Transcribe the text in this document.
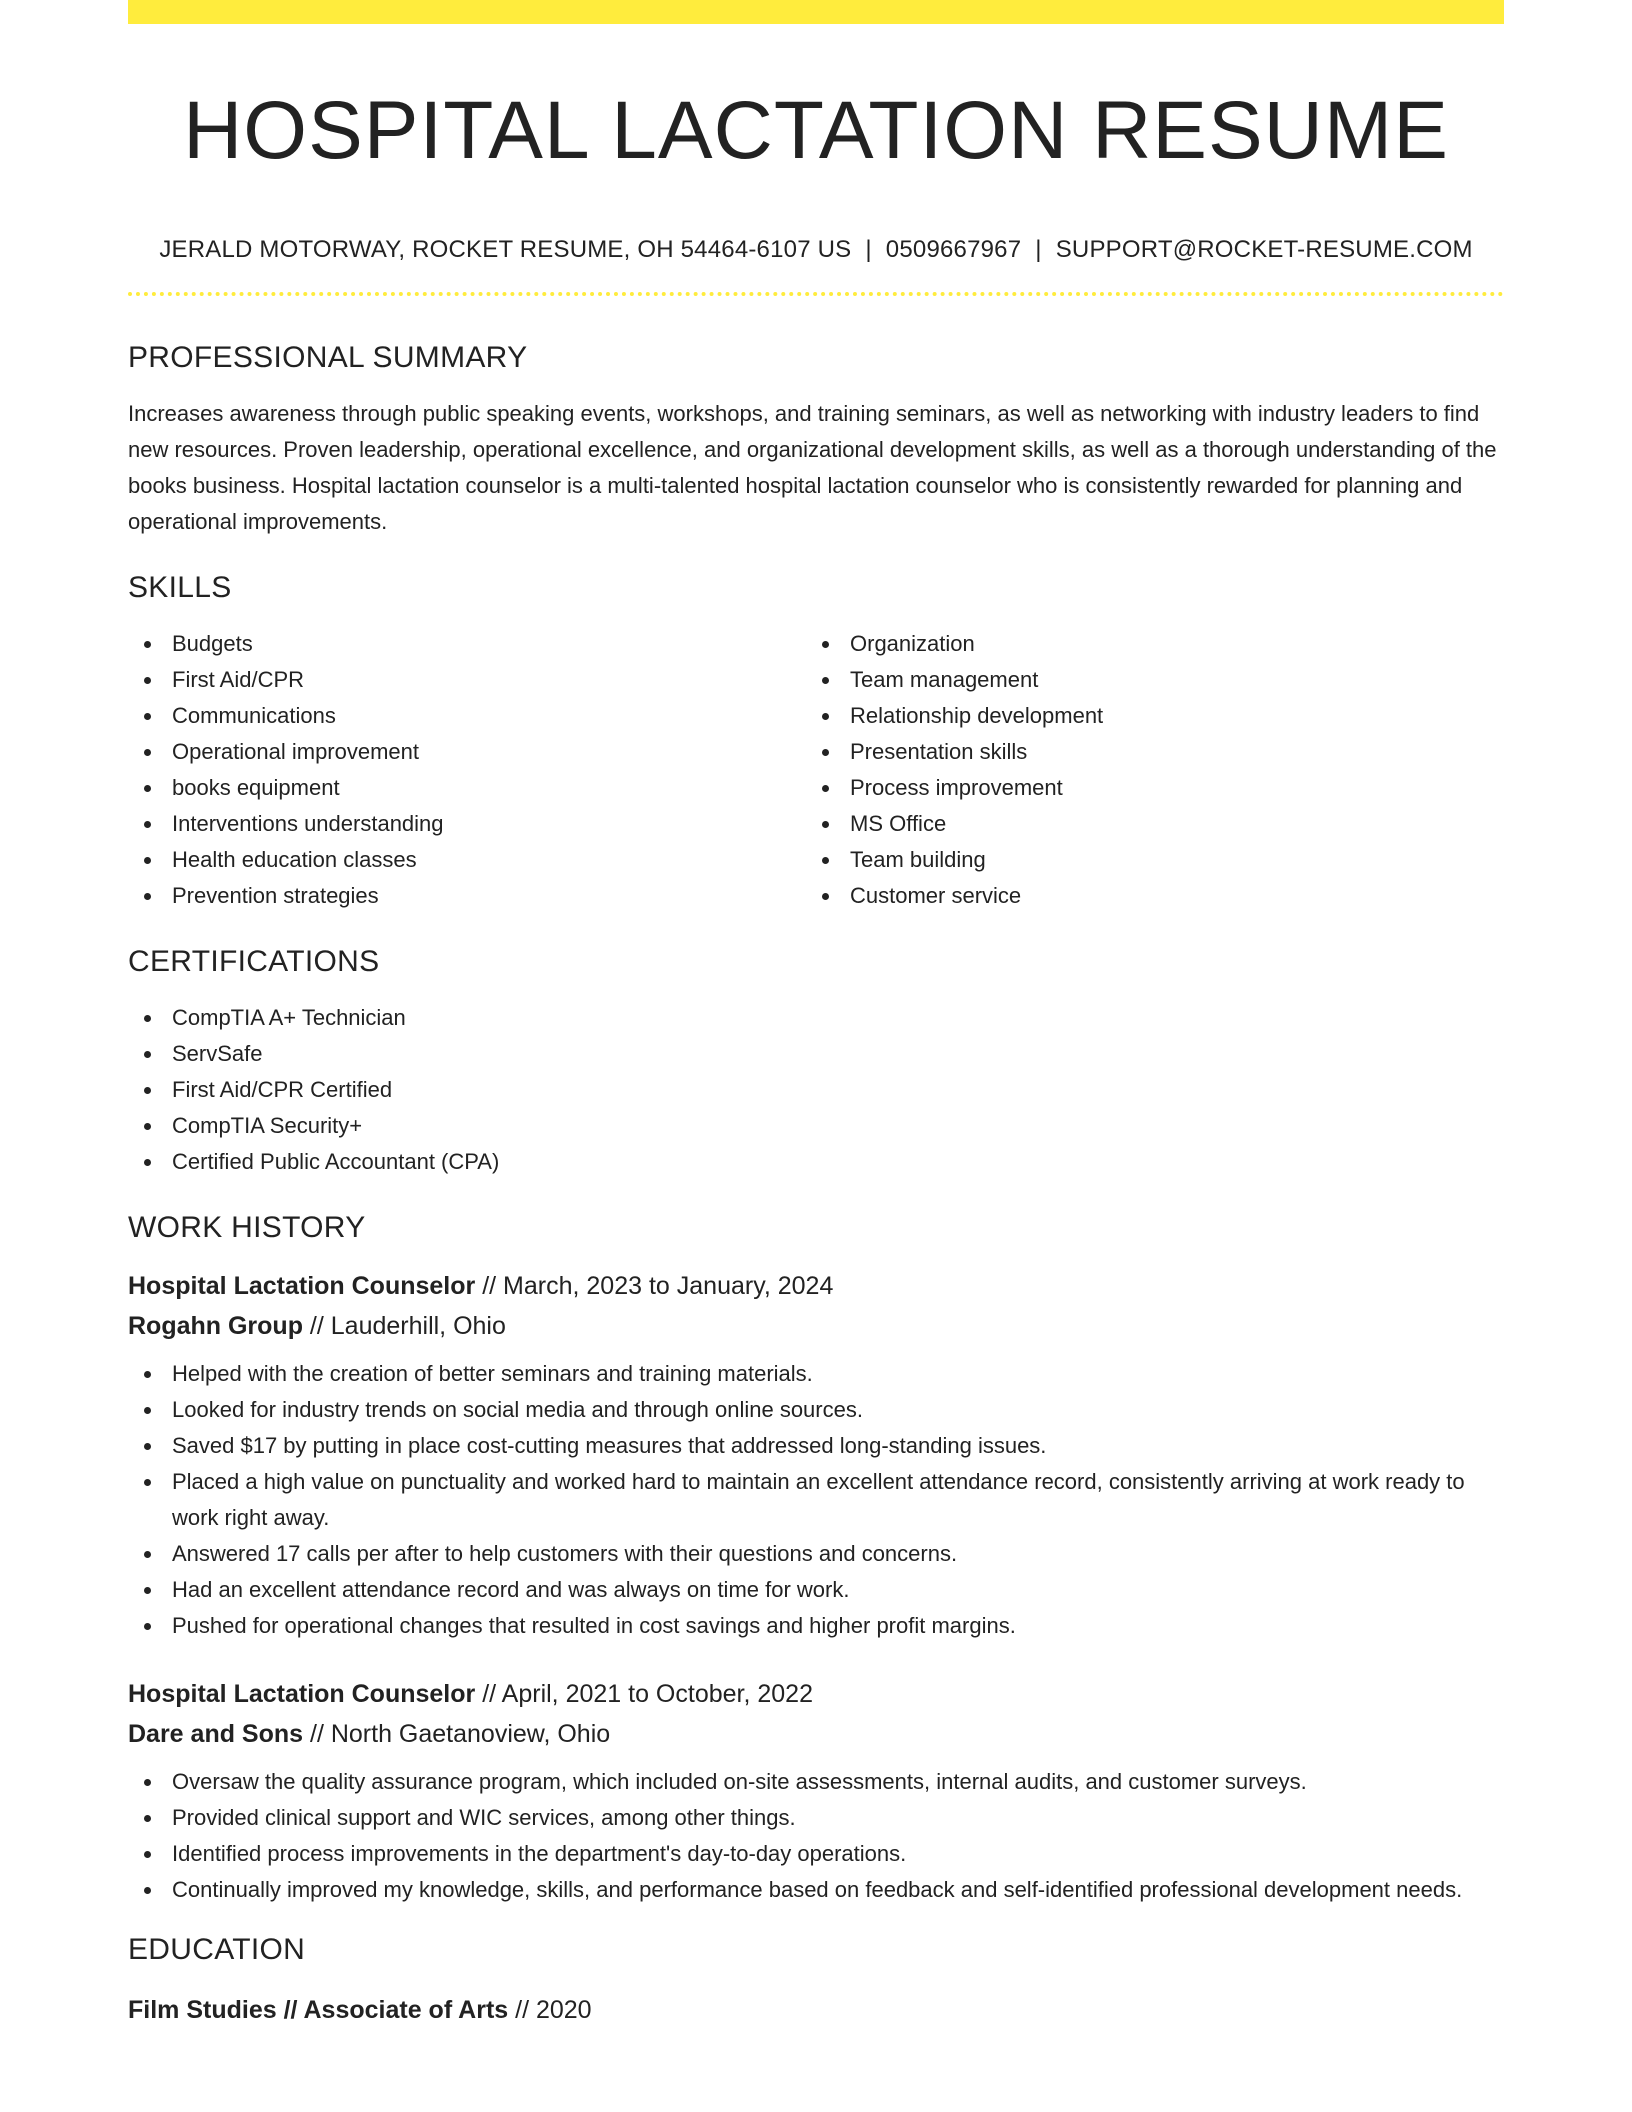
HOSPITAL LACTATION RESUME
JERALD MOTORWAY, ROCKET RESUME, OH 54464-6107 US | 0509667967 | SUPPORT@ROCKET-RESUME.COM
PROFESSIONAL SUMMARY

Increases awareness through public speaking events, workshops, and training seminars, as well as networking with industry leaders to find new resources. Proven leadership, operational excellence, and organizational development skills, as well as a thorough understanding of the books business. Hospital lactation counselor is a multi-talented hospital lactation counselor who is consistently rewarded for planning and operational improvements.

SKILLS
Budgets
First Aid/CPR
Communications
Operational improvement
books equipment
Interventions understanding
Health education classes
Prevention strategies
Organization
Team management
Relationship development
Presentation skills
Process improvement
MS Office
Team building
Customer service
CERTIFICATIONS
CompTIA A+ Technician
ServSafe
First Aid/CPR Certified
CompTIA Security+
Certified Public Accountant (CPA)
WORK HISTORY
Hospital Lactation Counselor // March, 2023 to January, 2024
Rogahn Group // Lauderhill, Ohio
Helped with the creation of better seminars and training materials.
Looked for industry trends on social media and through online sources.
Saved $17 by putting in place cost-cutting measures that addressed long-standing issues.
Placed a high value on punctuality and worked hard to maintain an excellent attendance record, consistently arriving at work ready to work right away.
Answered 17 calls per after to help customers with their questions and concerns.
Had an excellent attendance record and was always on time for work.
Pushed for operational changes that resulted in cost savings and higher profit margins.
Hospital Lactation Counselor // April, 2021 to October, 2022
Dare and Sons // North Gaetanoview, Ohio
Oversaw the quality assurance program, which included on-site assessments, internal audits, and customer surveys.
Provided clinical support and WIC services, among other things.
Identified process improvements in the department's day-to-day operations.
Continually improved my knowledge, skills, and performance based on feedback and self-identified professional development needs.
EDUCATION
Film Studies // Associate of Arts // 2020
